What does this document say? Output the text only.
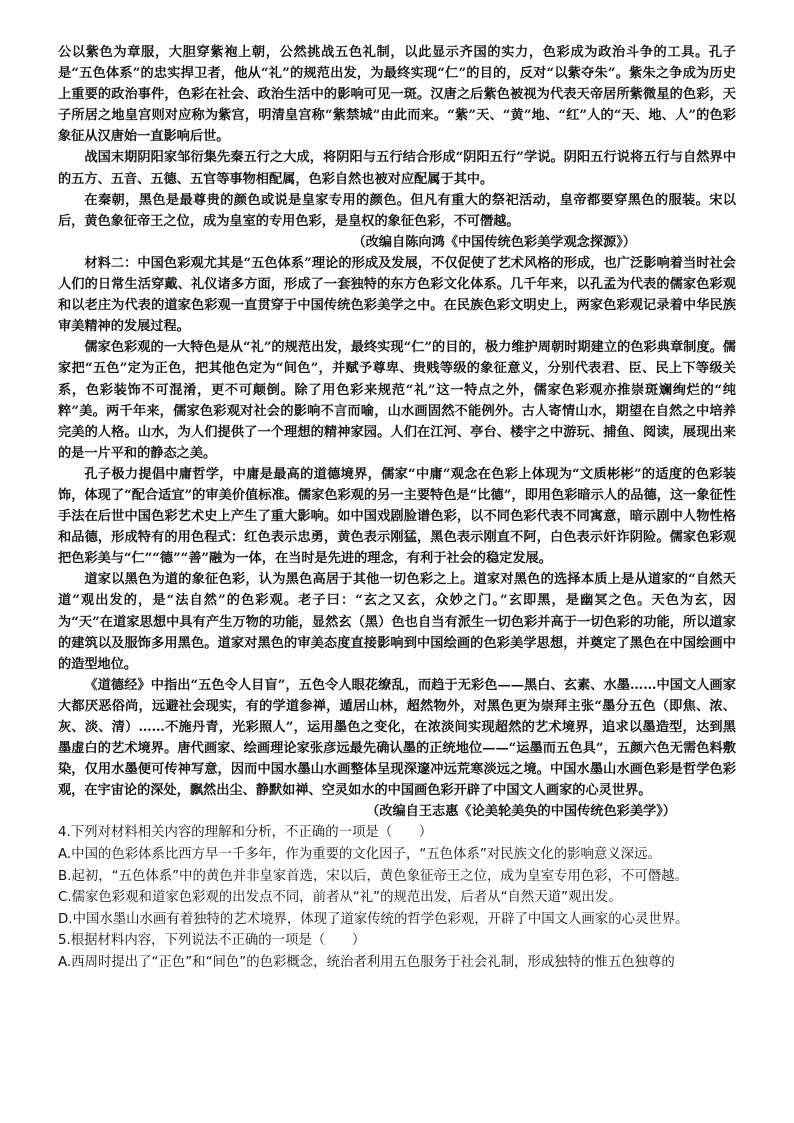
公以紫色为章服，大胆穿紫袍上朝，公然挑战五色礼制，以此显示齐国的实力，色彩成为政治斗争的工具。孔子是“五色体系”的忠实捍卫者，他从“礼”的规范出发，为最终实现“仁”的目的，反对“以紫夺朱”。紫朱之争成为历史上重要的政治事件，色彩在社会、政治生活中的影响可见一斑。汉唐之后紫色被视为代表天帝居所紫微星的色彩，天子所居之地皇宫则对应称为紫宫，明清皇宫称“紫禁城”由此而来。“紫”天、“黄”地、“红”人的“天、地、人”的色彩象征从汉唐始一直影响后世。

战国末期阴阳家邹衍集先秦五行之大成，将阴阳与五行结合形成“阴阳五行”学说。阴阳五行说将五行与自然界中的五方、五音、五德、五官等事物相配属，色彩自然也被对应配属于其中。

在秦朝，黑色是最尊贵的颜色或说是皇家专用的颜色。但凡有重大的祭祀活动，皇帝都要穿黑色的服装。宋以后，黄色象征帝王之位，成为皇室的专用色彩，是皇权的象征色彩，不可僭越。

（改编自陈向鸿《中国传统色彩美学观念探源》）

材料二：中国色彩观尤其是“五色体系”理论的形成及发展，不仅促使了艺术风格的形成，也广泛影响着当时社会人们的日常生活穿戴、礼仪诸多方面，形成了一套独特的东方色彩文化体系。几千年来，以孔孟为代表的儒家色彩观和以老庄为代表的道家色彩观一直贯穿于中国传统色彩美学之中。在民族色彩文明史上，两家色彩观记录着中华民族审美精神的发展过程。

儒家色彩观的一大特色是从“礼”的规范出发，最终实现“仁”的目的，极力维护周朝时期建立的色彩典章制度。儒家把“五色”定为正色，把其他色定为“间色”，并赋予尊卑、贵贱等级的象征意义，分别代表君、臣、民上下等级关系，色彩装饰不可混淆，更不可颠倒。除了用色彩来规范“礼”这一特点之外，儒家色彩观亦推崇斑斓绚烂的“纯粹”美。两千年来，儒家色彩观对社会的影响不言而喻，山水画固然不能例外。古人寄情山水，期望在自然之中培养完美的人格。山水，为人们提供了一个理想的精神家园。人们在江河、亭台、楼宇之中游玩、捕鱼、阅读，展现出来的是一片平和的静态之美。

孔子极力提倡中庸哲学，中庸是最高的道德境界，儒家“中庸”观念在色彩上体现为“文质彬彬”的适度的色彩装饰，体现了“配合适宜”的审美价值标准。儒家色彩观的另一主要特色是“比德”，即用色彩暗示人的品德，这一象征性手法在后世中国色彩艺术史上产生了重大影响。如中国戏剧脸谱色彩，以不同色彩代表不同寓意，暗示剧中人物性格和品德，形成特有的用色程式：红色表示忠勇，黄色表示刚猛，黑色表示刚直不阿，白色表示奸诈阴险。儒家色彩观把色彩美与“仁”“德”“善”融为一体，在当时是先进的理念，有利于社会的稳定发展。

道家以黑色为道的象征色彩，认为黑色高居于其他一切色彩之上。道家对黑色的选择本质上是从道家的“自然天道”观出发的，是“法自然”的色彩观。老子曰：“玄之又玄，众妙之门。”玄即黑，是幽冥之色。天色为玄，因为“天”在道家思想中具有产生万物的功能，显然玄（黑）色也自当有派生一切色彩并高于一切色彩的功能，所以道家的建筑以及服饰多用黑色。道家对黑色的审美态度直接影响到中国绘画的色彩美学思想，并奠定了黑色在中国绘画中的造型地位。

《道德经》中指出“五色令人目盲”，五色令人眼花缭乱，而趋于无彩色——黑白、玄素、水墨……中国文人画家大都厌恶俗尚，远避社会现实，有的学道参禅，遁居山林，超然物外，对黑色更为崇拜主张“墨分五色（即焦、浓、灰、淡、清）……不施丹青，光彩照人”，运用墨色之变化，在浓淡间实现超然的艺术境界，追求以墨造型，达到黑墨虚白的艺术境界。唐代画家、绘画理论家张彦远最先确认墨的正统地位——“运墨而五色具”，五颜六色无需色料敷染，仅用水墨便可传神写意，因而中国水墨山水画整体呈现深邃冲远荒寒淡远之境。中国水墨山水画色彩是哲学色彩观，在宇宙论的深处，飘然出尘、静默如禅、空灵如水的中国画色彩开辟了中国文人画家的心灵世界。

（改编自王志惠《论美轮美奂的中国传统色彩美学》）

4.下列对材料相关内容的理解和分析，不正确的一项是（　　）

A.中国的色彩体系比西方早一千多年，作为重要的文化因子，“五色体系”对民族文化的影响意义深远。

B.起初，“五色体系”中的黄色并非皇家首选，宋以后，黄色象征帝王之位，成为皇室专用色彩，不可僭越。

C.儒家色彩观和道家色彩观的出发点不同，前者从“礼”的规范出发，后者从“自然天道”观出发。

D.中国水墨山水画有着独特的艺术境界，体现了道家传统的哲学色彩观，开辟了中国文人画家的心灵世界。

5.根据材料内容，下列说法不正确的一项是（　　）

A.西周时提出了“正色”和“间色”的色彩概念，统治者利用五色服务于社会礼制，形成独特的惟五色独尊的
